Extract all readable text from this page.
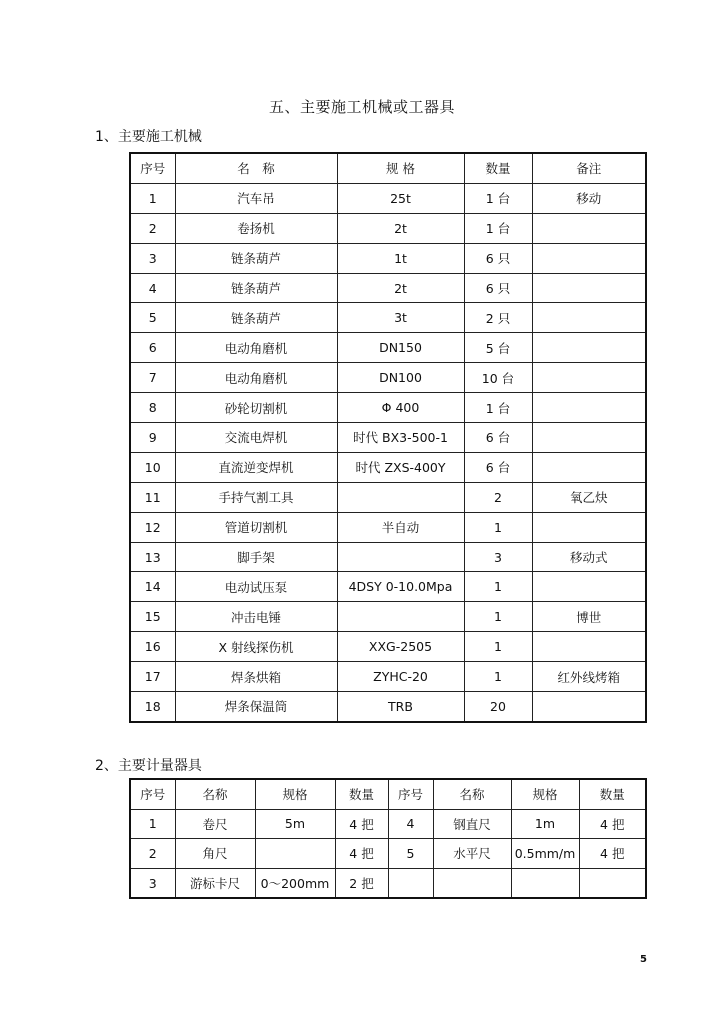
五、主要施工机械或工器具
1、主要施工机械
序号	名　称	规 格	数量	备注
1	汽车吊	25t	1 台	移动
2	卷扬机	2t	1 台	
3	链条葫芦	1t	6 只	
4	链条葫芦	2t	6 只	
5	链条葫芦	3t	2 只	
6	电动角磨机	DN150	5 台	
7	电动角磨机	DN100	10 台	
8	砂轮切割机	Φ 400	1 台	
9	交流电焊机	时代 BX3-500-1	6 台	
10	直流逆变焊机	时代 ZXS-400Y	6 台	
11	手持气割工具		2	氧乙炔
12	管道切割机	半自动	1	
13	脚手架		3	移动式
14	电动试压泵	4DSY 0-10.0Mpa	1	
15	冲击电锤		1	博世
16	X 射线探伤机	XXG-2505	1	
17	焊条烘箱	ZYHC-20	1	红外线烤箱
18	焊条保温筒	TRB	20	
2、主要计量器具
序号	名称	规格	数量	序号	名称	规格	数量
1	卷尺	5m	4 把	4	钢直尺	1m	4 把
2	角尺		4 把	5	水平尺	0.5mm/m	4 把
3	游标卡尺	0～200mm	2 把				
5
